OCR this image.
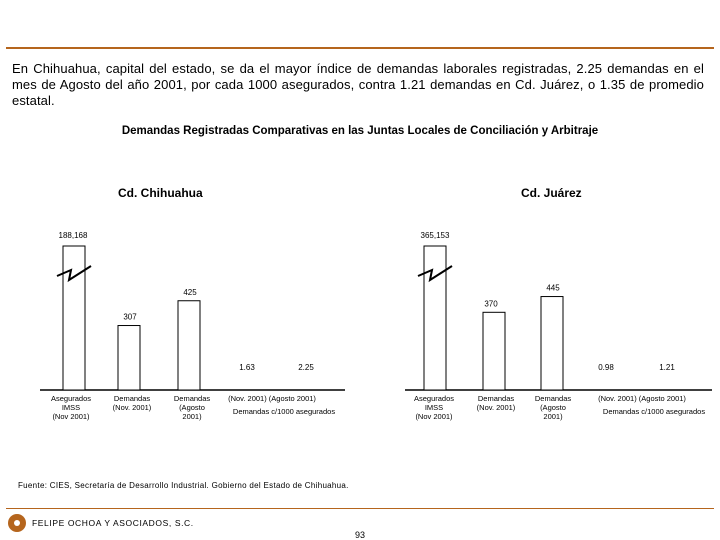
En Chihuahua, capital del estado, se da el mayor índice de demandas laborales registradas, 2.25 demandas en el mes de Agosto del año 2001, por cada 1000 asegurados, contra 1.21 demandas en Cd. Juárez, o 1.35 de promedio estatal.
Demandas Registradas Comparativas en las Juntas Locales de Conciliación y Arbitraje
Cd. Chihuahua	Cd. Juárez
188,168
Asegurados
IMSS
(Nov 2001)
307
Demandas
(Nov. 2001)
425
Demandas
(Agosto
2001)
1.63	2.25
(Nov. 2001) (Agosto 2001)
Demandas c/1000 asegurados
365,153
Asegurados
IMSS
(Nov 2001)
370
Demandas
(Nov. 2001)
445
Demandas
(Agosto
2001)
0.98	1.21
(Nov. 2001) (Agosto 2001)
Demandas c/1000 asegurados
Fuente: CIES, Secretaría de Desarrollo Industrial. Gobierno del Estado de Chihuahua.
FELIPE OCHOA Y ASOCIADOS, S.C.
93
